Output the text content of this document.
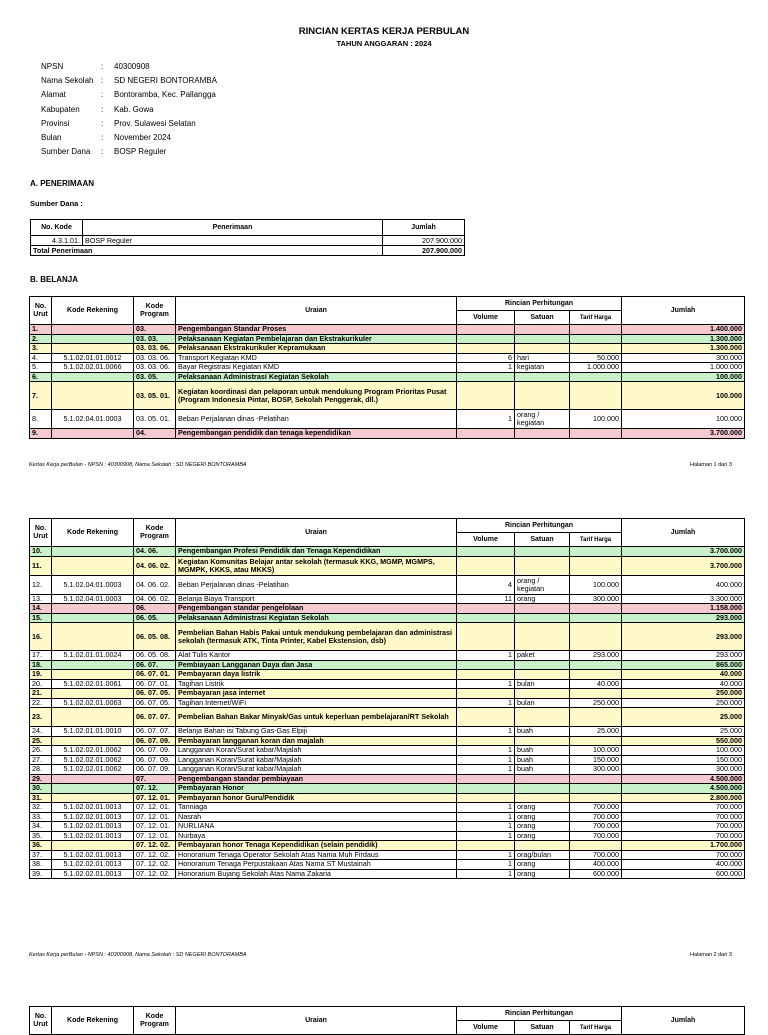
RINCIAN KERTAS KERJA PERBULAN
TAHUN ANGGARAN : 2024
NPSN	:	40300908
Nama Sekolah :	SD NEGERI BONTORAMBA
Alamat	:	Bontoramba, Kec. Pallangga
Kabupaten	:	Kab. Gowa
Provinsi	:	Prov. Sulawesi Selatan
Bulan	:	November 2024
Sumber Dana	:	BOSP Reguler
A. PENERIMAAN
Sumber Dana :
No. Kode	Penerimaan	Jumlah
4.3.1.01.	BOSP Reguler	207.900.000
Total Penerimaan		207.900.000
B. BELANJA
No. Urut	Kode Rekening	Kode Program	Uraian	Rincian Perhitungan			Jumlah
				Volume	Satuan	Tarif Harga	
1.		03.	Pengembangan Standar Proses				1.400.000
2.		03. 03.	Pelaksanaan Kegiatan Pembelajaran dan Ekstrakurikuler				1.300.000
3.		03. 03. 06.	Pelaksanaan Ekstrakurikuler Kepramukaan				1.300.000
4.	5.1.02.01.01.0012	03. 03. 06.	Transport Kegiatan KMD	6	hari	50.000	300.000
5.	5.1.02.02.01.0066	03. 03. 06.	Bayar Registrasi Kegiatan KMD	1	kegiatan	1.000.000	1.000.000
6.		03. 05.	Pelaksanaan Administrasi Kegiatan Sekolah				100.000
7.		03. 05. 01.	Kegiatan koordinasi dan pelaporan untuk mendukung Program Prioritas Pusat (Program Indonesia Pintar, BOSP, Sekolah Penggerak, dll.)				100.000
8.	5.1.02.04.01.0003	03. 05. 01.	Beban Perjalanan dinas -Pelatihan	1	orang / kegiatan	100.000	100.000
9.		04.	Pengembangan pendidik dan tenaga kependidikan				3.700.000
Kertas Kerja perBulan - NPSN : 40300908, Nama Sekolah : SD NEGERI BONTORAMBA	Halaman 1 dari 3
No. Urut	Kode Rekening	Kode Program	Uraian	Rincian Perhitungan			Jumlah
				Volume	Satuan	Tarif Harga	
10.		04. 06.	Pengembangan Profesi Pendidik dan Tenaga Kependidikan				3.700.000
11.		04. 06. 02.	Kegiatan Komunitas Belajar antar sekolah (termasuk KKG, MGMP, MGMPS, MGMPK, KKKS, atau MKKS)				3.700.000
12.	5.1.02.04.01.0003	04. 06. 02.	Beban Perjalanan dinas -Pelatihan	4	orang / kegiatan	100.000	400.000
13.	5.1.02.04.01.0003	04. 06. 02.	Belanja Biaya Transport	11	orang	300.000	3.300.000
14.		06.	Pengembangan standar pengelolaan				1.158.000
15.		06. 05.	Pelaksanaan Administrasi Kegiatan Sekolah				293.000
16.		06. 05. 08.	Pembelian Bahan Habis Pakai untuk mendukung pembelajaran dan administrasi sekolah (termasuk ATK, Tinta Printer, Kabel Ekstension, dsb)				293.000
17.	5.1.02.01.01.0024	06. 05. 08.	Alat Tulis Kantor	1	paket	293.000	293.000
18.		06. 07.	Pembiayaan Langganan Daya dan Jasa				865.000
19.		06. 07. 01.	Pembayaran daya listrik				40.000
20.	5.1.02.02.01.0061	06. 07. 01.	Tagihan Listrik	1	bulan	40.000	40.000
21.		06. 07. 05.	Pembayaran jasa internet				250.000
22.	5.1.02.02.01.0063	06. 07. 05.	Tagihan Internet/WiFi	1	bulan	250.000	250.000
23.		06. 07. 07.	Pembelian Bahan Bakar Minyak/Gas untuk keperluan pembelajaran/RT Sekolah				25.000
24.	5.1.02.01.01.0010	06. 07. 07.	Belanja Bahan isi Tabung Gas-Gas Elpiji	1	buah	25.000	25.000
25.		06. 07. 09.	Pembayaran langganan koran dan majalah				550.000
26.	5.1.02.02.01.0062	06. 07. 09.	Langganan Koran/Surat kabar/Majalah	1	buah	100.000	100.000
27.	5.1.02.02.01.0062	06. 07. 09.	Langganan Koran/Surat kabar/Majalah	1	buah	150.000	150.000
28.	5.1.02.02.01.0062	06. 07. 09.	Langganan Koran/Surat kabar/Majalah	1	buah	300.000	300.000
29.		07.	Pengembangan standar pembiayaan				4.500.000
30.		07. 12.	Pembayaran Honor				4.500.000
31.		07. 12. 01.	Pembayaran honor Guru/Pendidik				2.800.000
32.	5.1.02.02.01.0013	07. 12. 01.	Tanniaga	1	orang	700.000	700.000
33.	5.1.02.02.01.0013	07. 12. 01.	Nasrah	1	orang	700.000	700.000
34.	5.1.02.02.01.0013	07. 12. 01.	NURLIANA	1	orang	700.000	700.000
35.	5.1.02.02.01.0013	07. 12. 01.	Nurbaya	1	orang	700.000	700.000
36.		07. 12. 02.	Pembayaran honor Tenaga Kependidikan (selain pendidik)				1.700.000
37.	5.1.02.02.01.0013	07. 12. 02.	Honorarium Tenaga Operator Sekolah Atas Nama Muh Firdaus	1	orag/bulan	700.000	700.000
38.	5.1.02.02.01.0013	07. 12. 02.	Honorarium Tenaga Perpustakaan Atas Nama ST Mustainah	1	orang	400.000	400.000
39.	5.1.02.02.01.0013	07. 12. 02.	Honorarium Bujang Sekolah Atas Nama Zakaria	1	orang	600.000	600.000
Kertas Kerja perBulan - NPSN : 40300908, Nama Sekolah : SD NEGERI BONTORAMBA	Halaman 2 dari 3
No. Urut	Kode Rekening	Kode Program	Uraian	Rincian Perhitungan			Jumlah
				Volume	Satuan	Tarif Harga	
